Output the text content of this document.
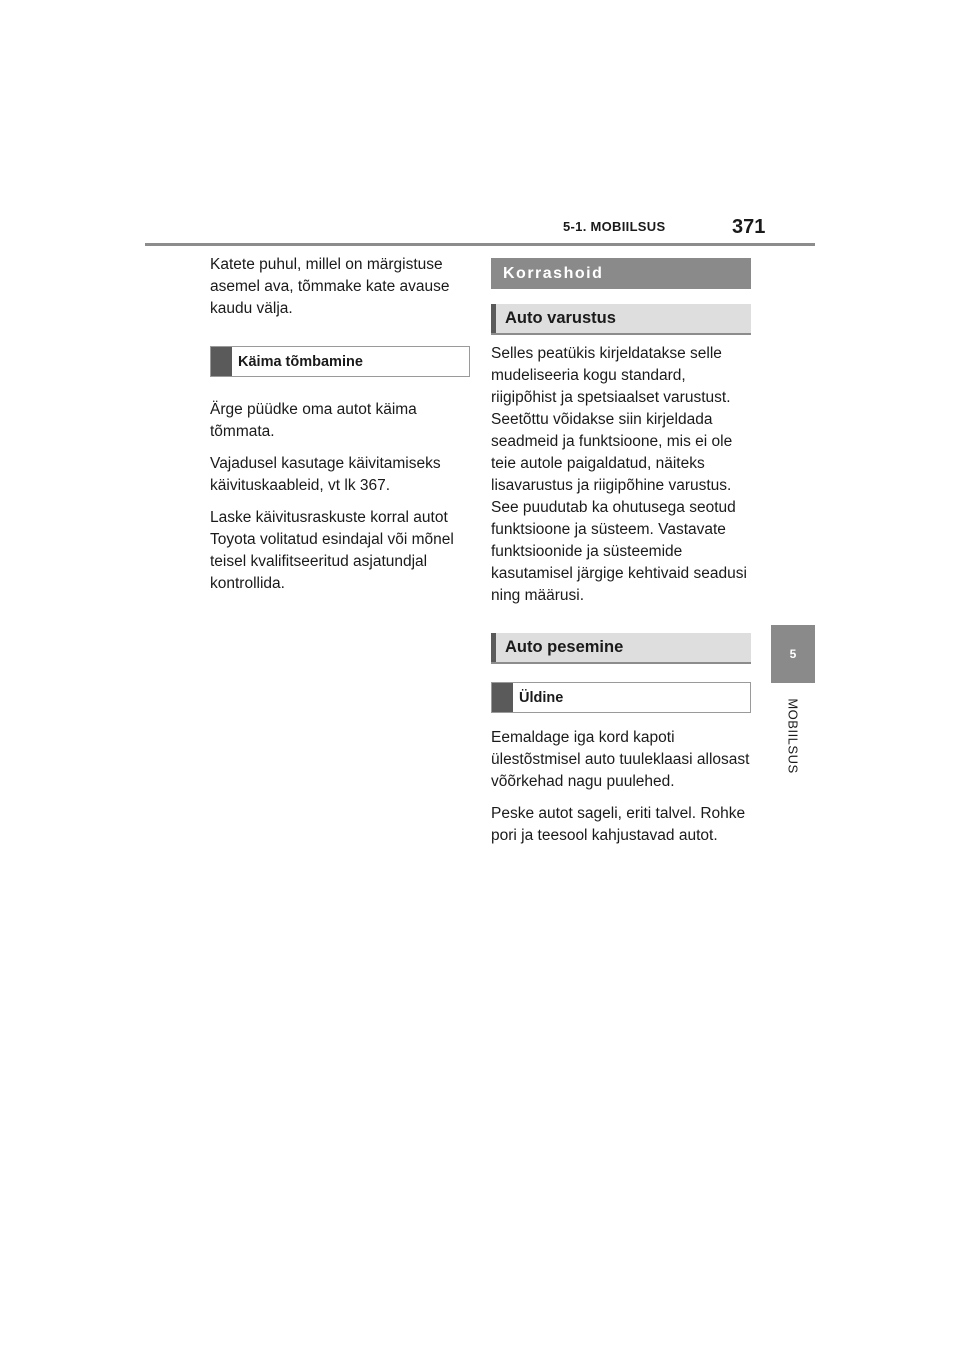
5-1. MOBIILSUS	371
5
MOBIILSUS

Katete puhul, millel on märgistuse asemel ava, tõmmake kate avause kaudu välja.

Käima tõmbamine

Ärge püüdke oma autot käima tõmmata.

Vajadusel kasutage käivitamiseks käivituskaableid, vt lk 367.

Laske käivitusraskuste korral autot Toyota volitatud esindajal või mõnel teisel kvalifitseeritud asjatundjal kontrollida.

Korrashoid
Auto varustus

Selles peatükis kirjeldatakse selle mudeliseeria kogu standard, riigipõhist ja spetsiaalset varustust. Seetõttu võidakse siin kirjeldada seadmeid ja funktsioone, mis ei ole teie autole paigaldatud, näiteks lisavarustus ja riigipõhine varustus. See puudutab ka ohutusega seotud funktsioone ja süsteem. Vastavate funktsioonide ja süsteemide kasutamisel järgige kehtivaid seadusi ning määrusi.

Auto pesemine
Üldine

Eemaldage iga kord kapoti ülestõstmisel auto tuuleklaasi allosast võõrkehad nagu puulehed.

Peske autot sageli, eriti talvel. Rohke pori ja teesool kahjustavad autot.
